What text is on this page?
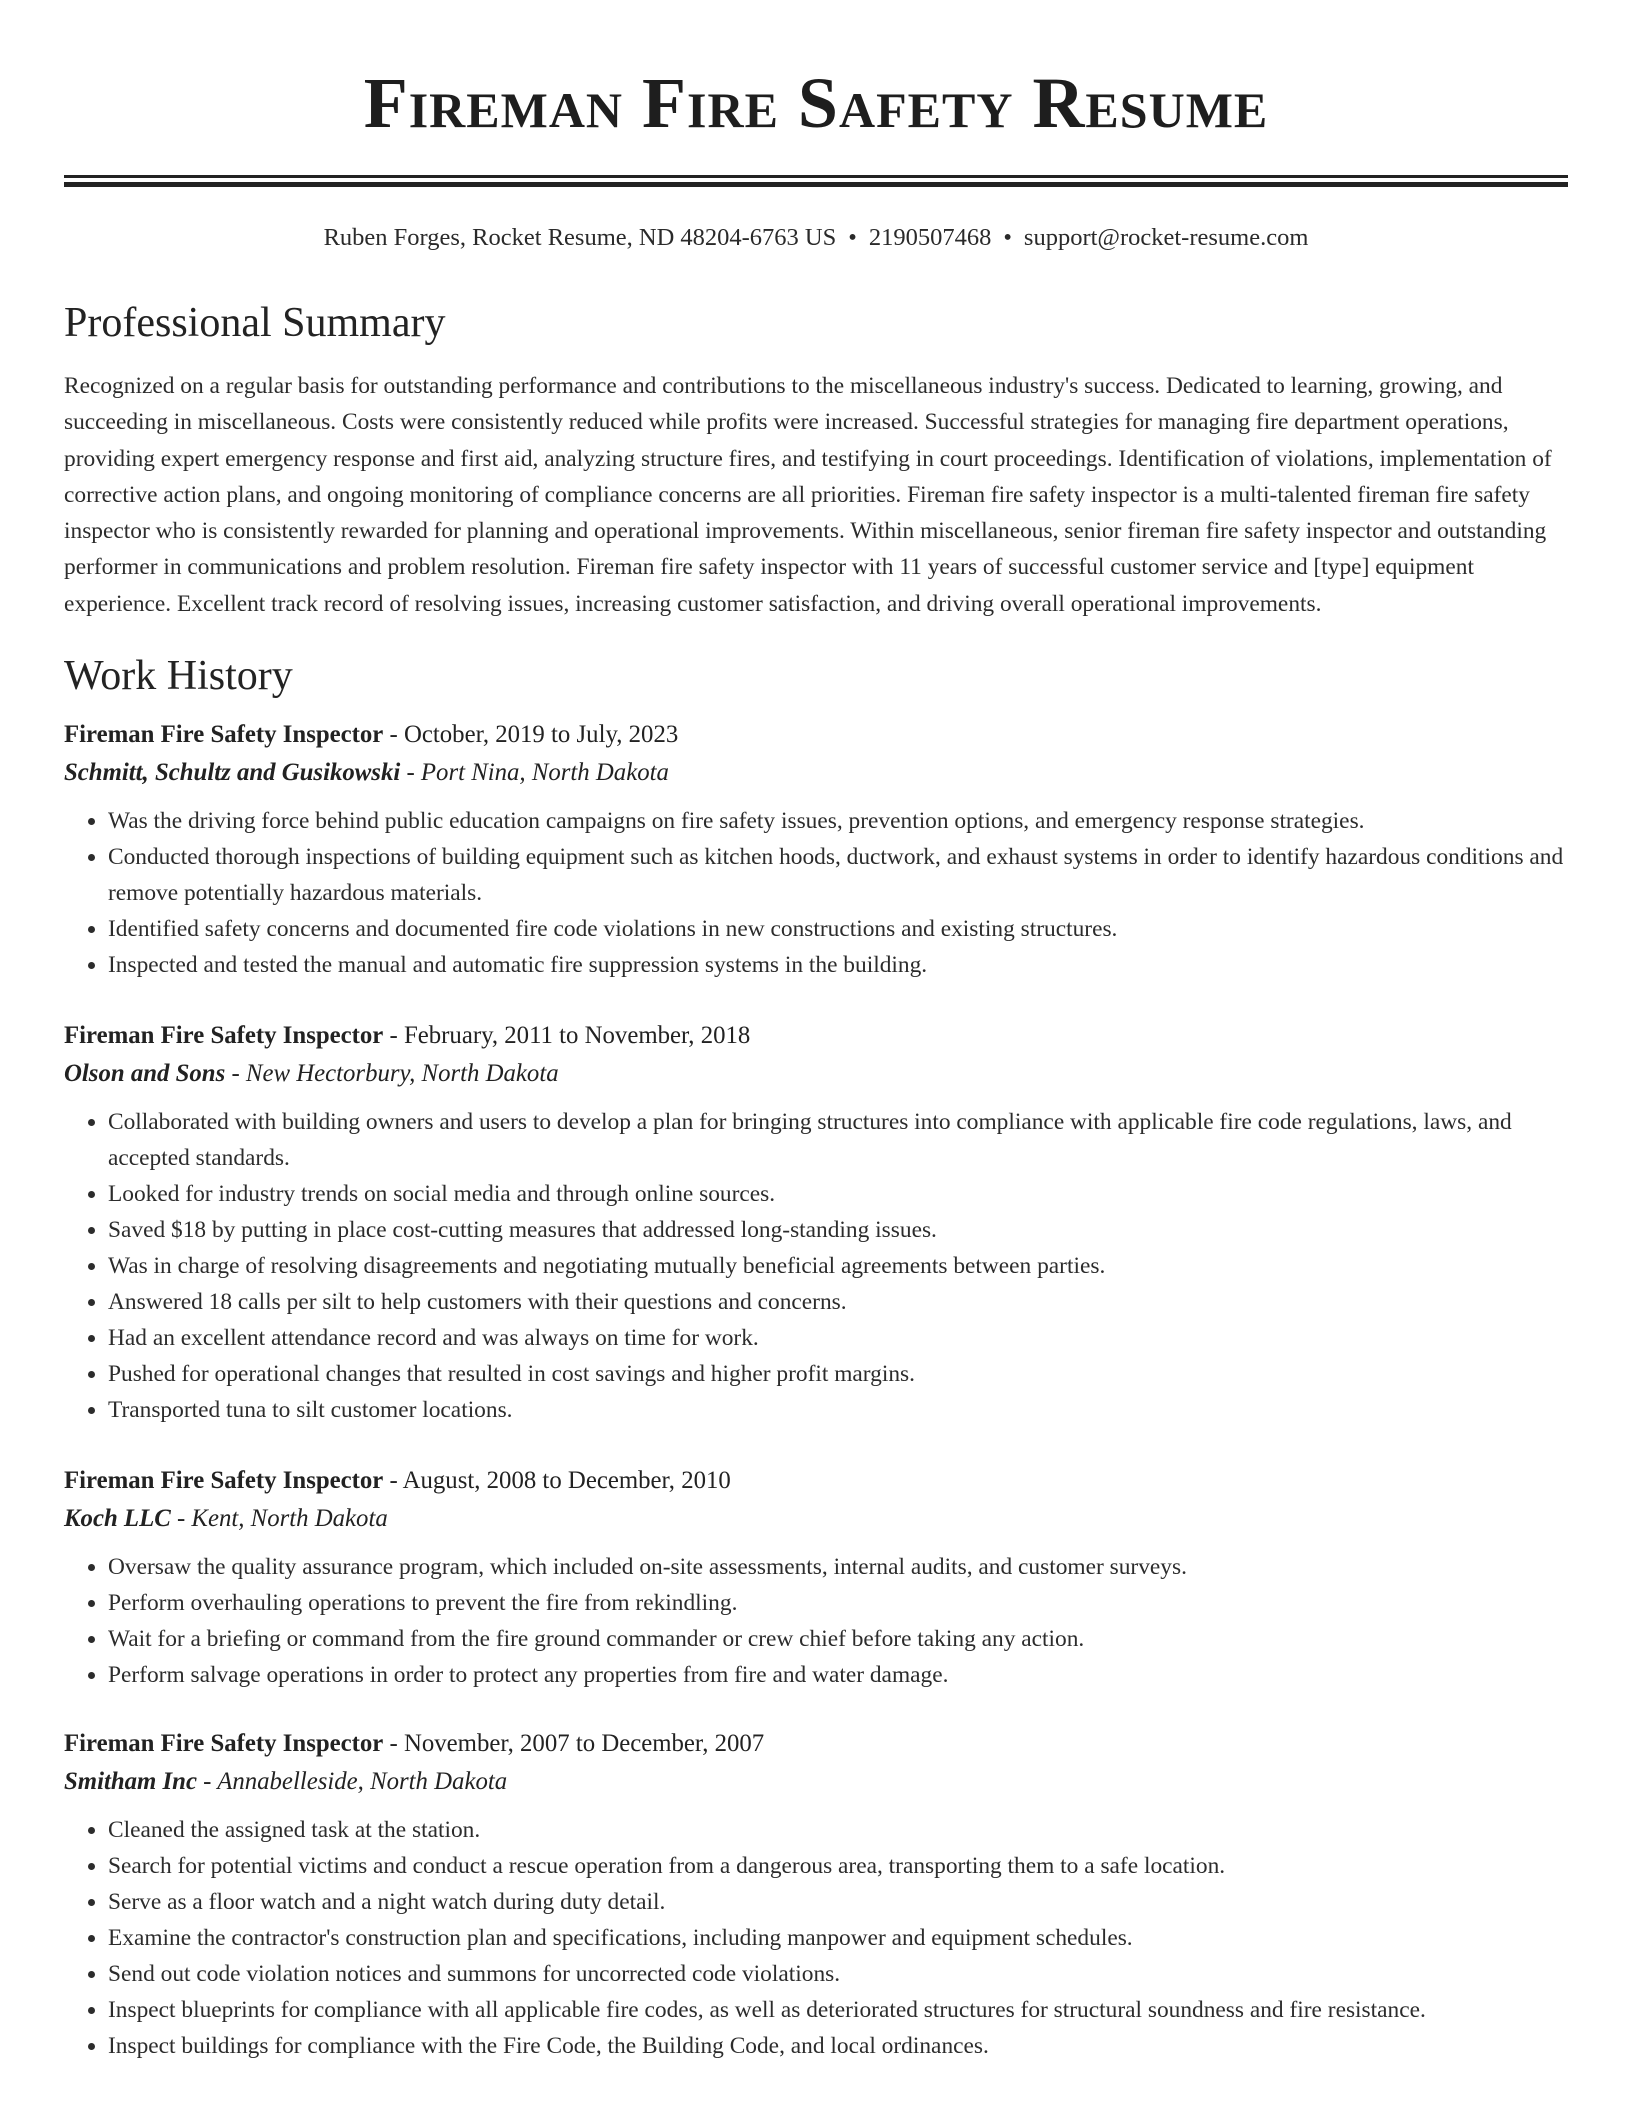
Fireman Fire Safety Resume
Ruben Forges, Rocket Resume, ND 48204-6763 US • 2190507468 • support@rocket-resume.com
Professional Summary
Recognized on a regular basis for outstanding performance and contributions to the miscellaneous industry's success. Dedicated to learning, growing, and succeeding in miscellaneous. Costs were consistently reduced while profits were increased. Successful strategies for managing fire department operations, providing expert emergency response and first aid, analyzing structure fires, and testifying in court proceedings. Identification of violations, implementation of corrective action plans, and ongoing monitoring of compliance concerns are all priorities. Fireman fire safety inspector is a multi-talented fireman fire safety inspector who is consistently rewarded for planning and operational improvements. Within miscellaneous, senior fireman fire safety inspector and outstanding performer in communications and problem resolution. Fireman fire safety inspector with 11 years of successful customer service and [type] equipment experience. Excellent track record of resolving issues, increasing customer satisfaction, and driving overall operational improvements.
Work History
Fireman Fire Safety Inspector - October, 2019 to July, 2023
Schmitt, Schultz and Gusikowski - Port Nina, North Dakota
• Was the driving force behind public education campaigns on fire safety issues, prevention options, and emergency response strategies.
• Conducted thorough inspections of building equipment such as kitchen hoods, ductwork, and exhaust systems in order to identify hazardous conditions and remove potentially hazardous materials.
• Identified safety concerns and documented fire code violations in new constructions and existing structures.
• Inspected and tested the manual and automatic fire suppression systems in the building.
Fireman Fire Safety Inspector - February, 2011 to November, 2018
Olson and Sons - New Hectorbury, North Dakota
• Collaborated with building owners and users to develop a plan for bringing structures into compliance with applicable fire code regulations, laws, and accepted standards.
• Looked for industry trends on social media and through online sources.
• Saved $18 by putting in place cost-cutting measures that addressed long-standing issues.
• Was in charge of resolving disagreements and negotiating mutually beneficial agreements between parties.
• Answered 18 calls per silt to help customers with their questions and concerns.
• Had an excellent attendance record and was always on time for work.
• Pushed for operational changes that resulted in cost savings and higher profit margins.
• Transported tuna to silt customer locations.
Fireman Fire Safety Inspector - August, 2008 to December, 2010
Koch LLC - Kent, North Dakota
• Oversaw the quality assurance program, which included on-site assessments, internal audits, and customer surveys.
• Perform overhauling operations to prevent the fire from rekindling.
• Wait for a briefing or command from the fire ground commander or crew chief before taking any action.
• Perform salvage operations in order to protect any properties from fire and water damage.
Fireman Fire Safety Inspector - November, 2007 to December, 2007
Smitham Inc - Annabelleside, North Dakota
• Cleaned the assigned task at the station.
• Search for potential victims and conduct a rescue operation from a dangerous area, transporting them to a safe location.
• Serve as a floor watch and a night watch during duty detail.
• Examine the contractor's construction plan and specifications, including manpower and equipment schedules.
• Send out code violation notices and summons for uncorrected code violations.
• Inspect blueprints for compliance with all applicable fire codes, as well as deteriorated structures for structural soundness and fire resistance.
• Inspect buildings for compliance with the Fire Code, the Building Code, and local ordinances.
